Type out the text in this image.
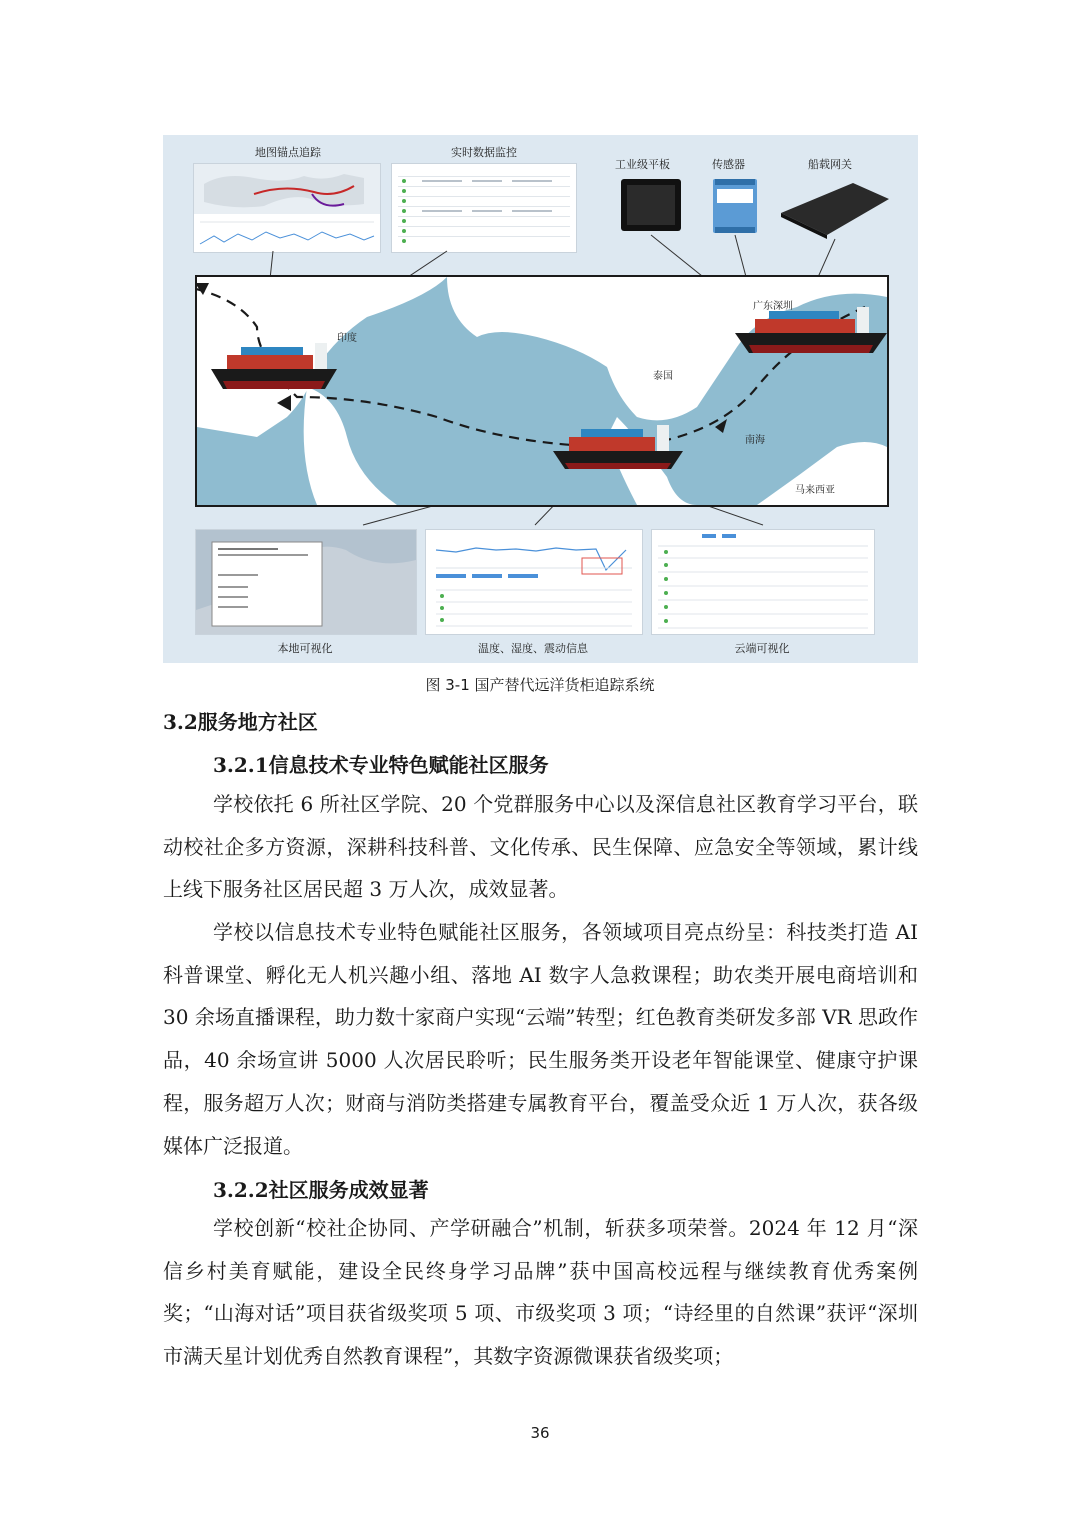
地图锚点追踪	实时数据监控
工业级平板	传感器	船载网关
印度
广东深圳
泰国
南海
马来西亚
本地可视化	温度、湿度、震动信息	云端可视化
图 3-1 国产替代远洋货柜追踪系统
3.2服务地方社区
3.2.1信息技术专业特色赋能社区服务
学校依托 6 所社区学院、20 个党群服务中心以及深信息社区教育学习平台，联动校社企多方资源，深耕科技科普、文化传承、民生保障、应急安全等领域，累计线上线下服务社区居民超 3 万人次，成效显著。
学校以信息技术专业特色赋能社区服务，各领域项目亮点纷呈：科技类打造 AI 科普课堂、孵化无人机兴趣小组、落地 AI 数字人急救课程；助农类开展电商培训和 30 余场直播课程，助力数十家商户实现“云端”转型；红色教育类研发多部 VR 思政作品，40 余场宣讲 5000 人次居民聆听；民生服务类开设老年智能课堂、健康守护课程，服务超万人次；财商与消防类搭建专属教育平台，覆盖受众近 1 万人次，获各级媒体广泛报道。
3.2.2社区服务成效显著
学校创新“校社企协同、产学研融合”机制，斩获多项荣誉。2024 年 12 月“深信乡村美育赋能，建设全民终身学习品牌”获中国高校远程与继续教育优秀案例奖；“山海对话”项目获省级奖项 5 项、市级奖项 3 项；“诗经里的自然课”获评“深圳市满天星计划优秀自然教育课程”，其数字资源微课获省级奖项；
36
